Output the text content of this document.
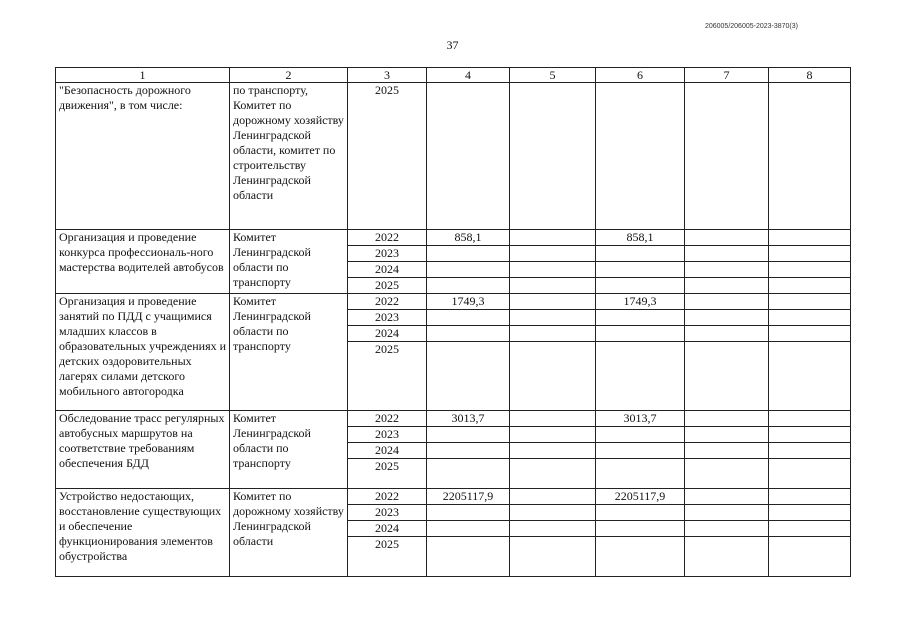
206005/206005-2023-3870(3)
37
1	2	3	4	5	6	7	8
"Безопасность дорожного движения", в том числе:	по транспорту, Комитет по дорожному хозяйству Ленинградской области, комитет по строительству Ленинградской области	2025					
Организация и проведение конкурса профессиональ-ного мастерства водителей автобусов	Комитет Ленинградской области по транспорту	2022	858,1		858,1		
		2023					
		2024					
		2025					
Организация и проведение занятий по ПДД с учащимися младших классов в образовательных учреждениях и детских оздоровительных лагерях силами детского мобильного автогородка	Комитет Ленинградской области по транспорту	2022	1749,3		1749,3		
		2023					
		2024					
		2025					
Обследование трасс регулярных автобусных маршрутов на соответствие требованиям обеспечения БДД	Комитет Ленинградской области по транспорту	2022	3013,7		3013,7		
		2023					
		2024					
		2025					
Устройство недостающих, восстановление существующих и обеспечение функционирования элементов обустройства	Комитет по дорожному хозяйству Ленинградской области	2022	2205117,9		2205117,9		
		2023					
		2024					
		2025					
